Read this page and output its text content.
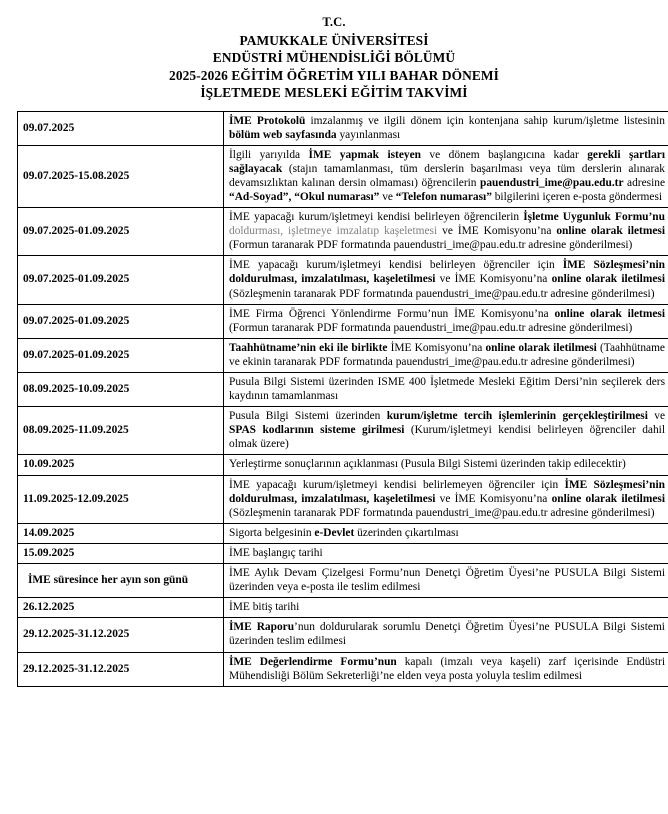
T.C.
PAMUKKALE ÜNİVERSİTESİ
ENDÜSTRİ MÜHENDİSLİĞİ BÖLÜMÜ
2025-2026 EĞİTİM ÖĞRETİM YILI BAHAR DÖNEMİ
İŞLETMEDE MESLEKİ EĞİTİM TAKVİMİ
09.07.2025	İME Protokolü imzalanmış ve ilgili dönem için kontenjana sahip kurum/işletme listesinin bölüm web sayfasında yayınlanması
09.07.2025-15.08.2025	İlgili yarıyılda İME yapmak isteyen ve dönem başlangıcına kadar gerekli şartları sağlayacak (stajın tamamlanması, tüm derslerin başarılması veya tüm derslerin alınarak devamsızlıktan kalınan dersin olmaması) öğrencilerin pauendustri_ime@pau.edu.tr adresine “Ad-Soyad”, “Okul numarası” ve “Telefon numarası” bilgilerini içeren e-posta göndermesi
09.07.2025-01.09.2025	İME yapacağı kurum/işletmeyi kendisi belirleyen öğrencilerin İşletme Uygunluk Formu’nu doldurması, işletmeye imzalatıp kaşeletmesi ve İME Komisyonu’na online olarak iletmesi (Formun taranarak PDF formatında pauendustri_ime@pau.edu.tr adresine gönderilmesi)
09.07.2025-01.09.2025	İME yapacağı kurum/işletmeyi kendisi belirleyen öğrenciler için İME Sözleşmesi’nin doldurulması, imzalatılması, kaşeletilmesi ve İME Komisyonu’na online olarak iletilmesi (Sözleşmenin taranarak PDF formatında pauendustri_ime@pau.edu.tr adresine gönderilmesi)
09.07.2025-01.09.2025	İME Firma Öğrenci Yönlendirme Formu’nun İME Komisyonu’na online olarak iletmesi (Formun taranarak PDF formatında pauendustri_ime@pau.edu.tr adresine gönderilmesi)
09.07.2025-01.09.2025	Taahhütname’nin eki ile birlikte İME Komisyonu’na online olarak iletilmesi (Taahhütname ve ekinin taranarak PDF formatında pauendustri_ime@pau.edu.tr adresine gönderilmesi)
08.09.2025-10.09.2025	Pusula Bilgi Sistemi üzerinden ISME 400 İşletmede Mesleki Eğitim Dersi’nin seçilerek ders kaydının tamamlanması
08.09.2025-11.09.2025	Pusula Bilgi Sistemi üzerinden kurum/işletme tercih işlemlerinin gerçekleştirilmesi ve SPAS kodlarının sisteme girilmesi (Kurum/işletmeyi kendisi belirleyen öğrenciler dahil olmak üzere)
10.09.2025	Yerleştirme sonuçlarının açıklanması (Pusula Bilgi Sistemi üzerinden takip edilecektir)
11.09.2025-12.09.2025	İME yapacağı kurum/işletmeyi kendisi belirlemeyen öğrenciler için İME Sözleşmesi’nin doldurulması, imzalatılması, kaşeletilmesi ve İME Komisyonu’na online olarak iletilmesi (Sözleşmenin taranarak PDF formatında pauendustri_ime@pau.edu.tr adresine gönderilmesi)
14.09.2025	Sigorta belgesinin e-Devlet üzerinden çıkartılması
15.09.2025	İME başlangıç tarihi
İME süresince her ayın son günü	İME Aylık Devam Çizelgesi Formu’nun Denetçi Öğretim Üyesi’ne PUSULA Bilgi Sistemi üzerinden veya e-posta ile teslim edilmesi
26.12.2025	İME bitiş tarihi
29.12.2025-31.12.2025	İME Raporu’nun doldurularak sorumlu Denetçi Öğretim Üyesi’ne PUSULA Bilgi Sistemi üzerinden teslim edilmesi
29.12.2025-31.12.2025	İME Değerlendirme Formu’nun kapalı (imzalı veya kaşeli) zarf içerisinde Endüstri Mühendisliği Bölüm Sekreterliği’ne elden veya posta yoluyla teslim edilmesi
